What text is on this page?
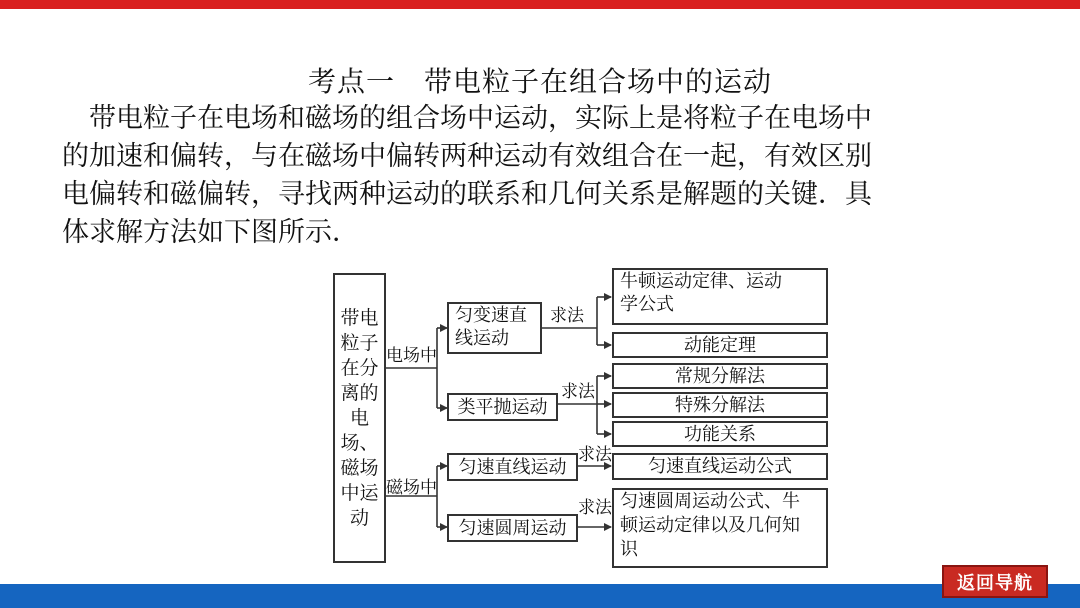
考点一　带电粒子在组合场中的运动

　带电粒子在电场和磁场的组合场中运动，实际上是将粒子在电场中
的加速和偏转，与在磁场中偏转两种运动有效组合在一起，有效区别
电偏转和磁偏转，寻找两种运动的联系和几何关系是解题的关键．具
体求解方法如下图所示．

带电
粒子
在分
离的
电场、
磁场
中运
动
电场中
磁场中
匀变速直
线运动
类平抛运动
匀速直线运动
匀速圆周运动
求法
求法
求法
求法
牛顿运动定律、运动
学公式
动能定理
常规分解法
特殊分解法
功能关系
匀速直线运动公式
匀速圆周运动公式、牛
顿运动定律以及几何知
识
返回导航
